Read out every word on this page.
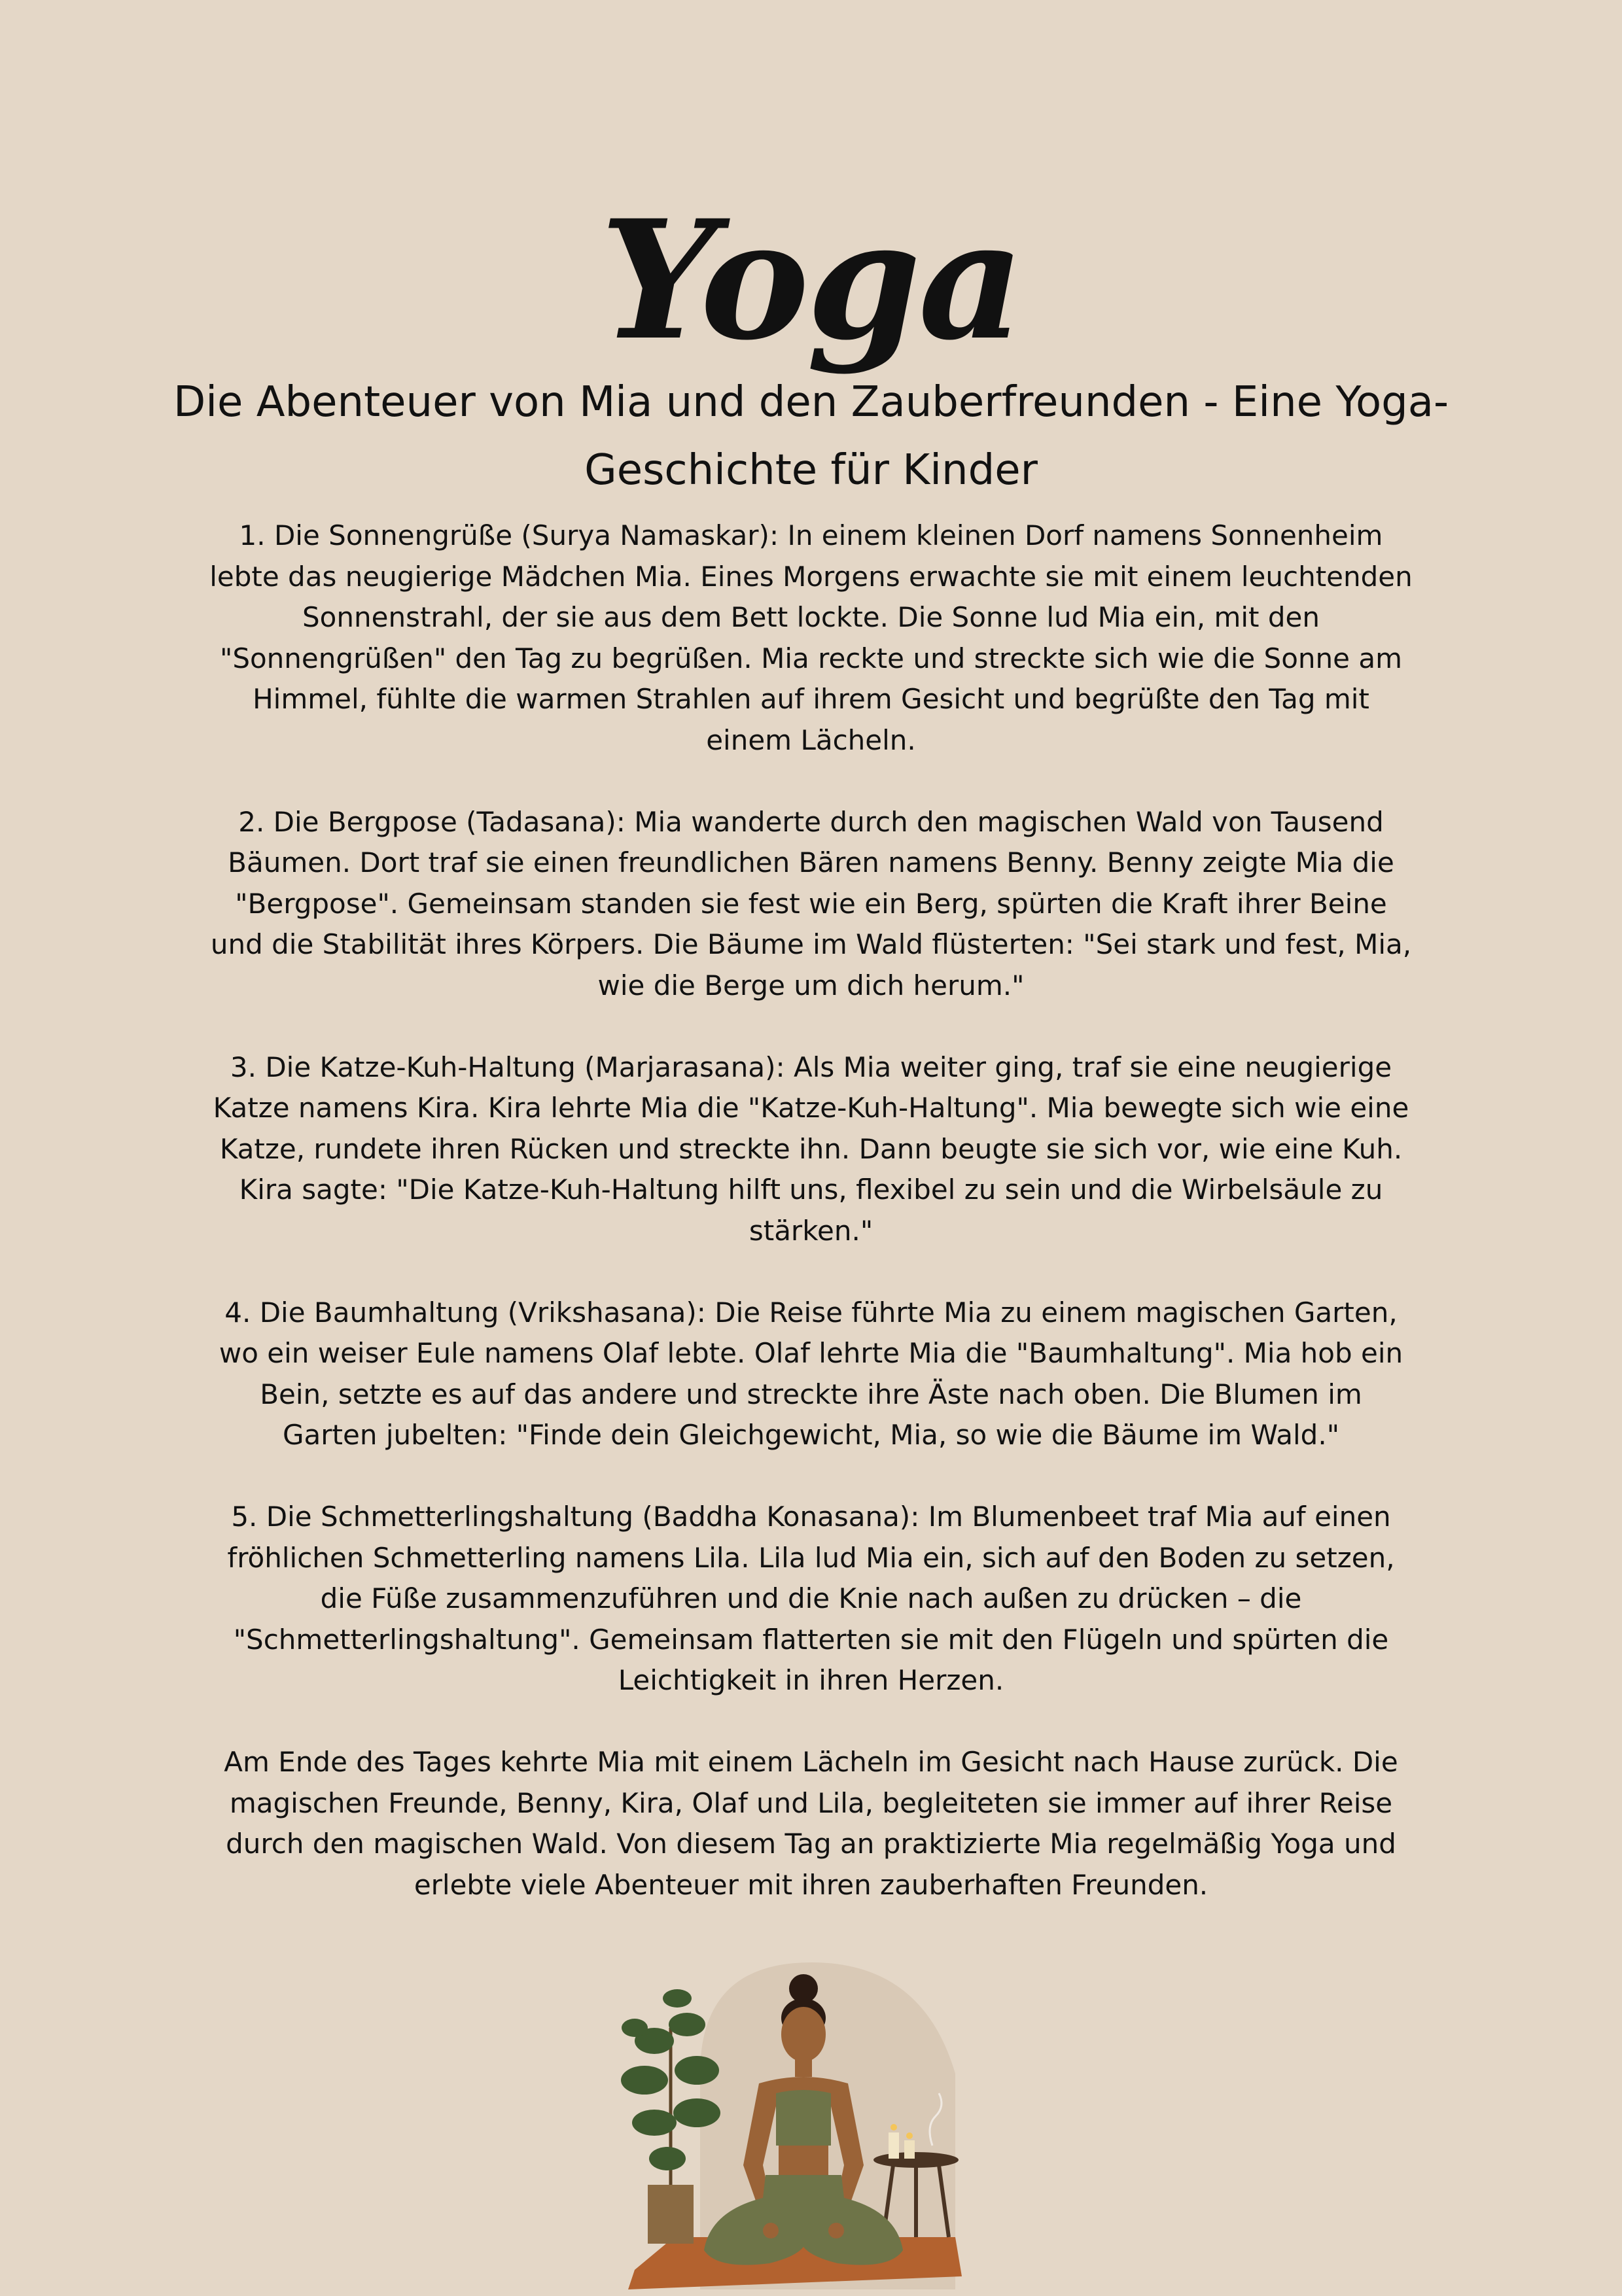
Yoga
Die Abenteuer von Mia und den Zauberfreunden - Eine Yoga-Geschichte für Kinder

1. Die Sonnengrüße (Surya Namaskar): In einem kleinen Dorf namens Sonnenheim lebte das neugierige Mädchen Mia. Eines Morgens erwachte sie mit einem leuchtenden Sonnenstrahl, der sie aus dem Bett lockte. Die Sonne lud Mia ein, mit den "Sonnengrüßen" den Tag zu begrüßen. Mia reckte und streckte sich wie die Sonne am Himmel, fühlte die warmen Strahlen auf ihrem Gesicht und begrüßte den Tag mit einem Lächeln.

2. Die Bergpose (Tadasana): Mia wanderte durch den magischen Wald von Tausend Bäumen. Dort traf sie einen freundlichen Bären namens Benny. Benny zeigte Mia die "Bergpose". Gemeinsam standen sie fest wie ein Berg, spürten die Kraft ihrer Beine und die Stabilität ihres Körpers. Die Bäume im Wald flüsterten: "Sei stark und fest, Mia, wie die Berge um dich herum."

3. Die Katze-Kuh-Haltung (Marjarasana): Als Mia weiter ging, traf sie eine neugierige Katze namens Kira. Kira lehrte Mia die "Katze-Kuh-Haltung". Mia bewegte sich wie eine Katze, rundete ihren Rücken und streckte ihn. Dann beugte sie sich vor, wie eine Kuh. Kira sagte: "Die Katze-Kuh-Haltung hilft uns, flexibel zu sein und die Wirbelsäule zu stärken."

4. Die Baumhaltung (Vrikshasana): Die Reise führte Mia zu einem magischen Garten, wo ein weiser Eule namens Olaf lebte. Olaf lehrte Mia die "Baumhaltung". Mia hob ein Bein, setzte es auf das andere und streckte ihre Äste nach oben. Die Blumen im Garten jubelten: "Finde dein Gleichgewicht, Mia, so wie die Bäume im Wald."

5. Die Schmetterlingshaltung (Baddha Konasana): Im Blumenbeet traf Mia auf einen fröhlichen Schmetterling namens Lila. Lila lud Mia ein, sich auf den Boden zu setzen, die Füße zusammenzuführen und die Knie nach außen zu drücken – die "Schmetterlingshaltung". Gemeinsam flatterten sie mit den Flügeln und spürten die Leichtigkeit in ihren Herzen.

Am Ende des Tages kehrte Mia mit einem Lächeln im Gesicht nach Hause zurück. Die magischen Freunde, Benny, Kira, Olaf und Lila, begleiteten sie immer auf ihrer Reise durch den magischen Wald. Von diesem Tag an praktizierte Mia regelmäßig Yoga und erlebte viele Abenteuer mit ihren zauberhaften Freunden.
